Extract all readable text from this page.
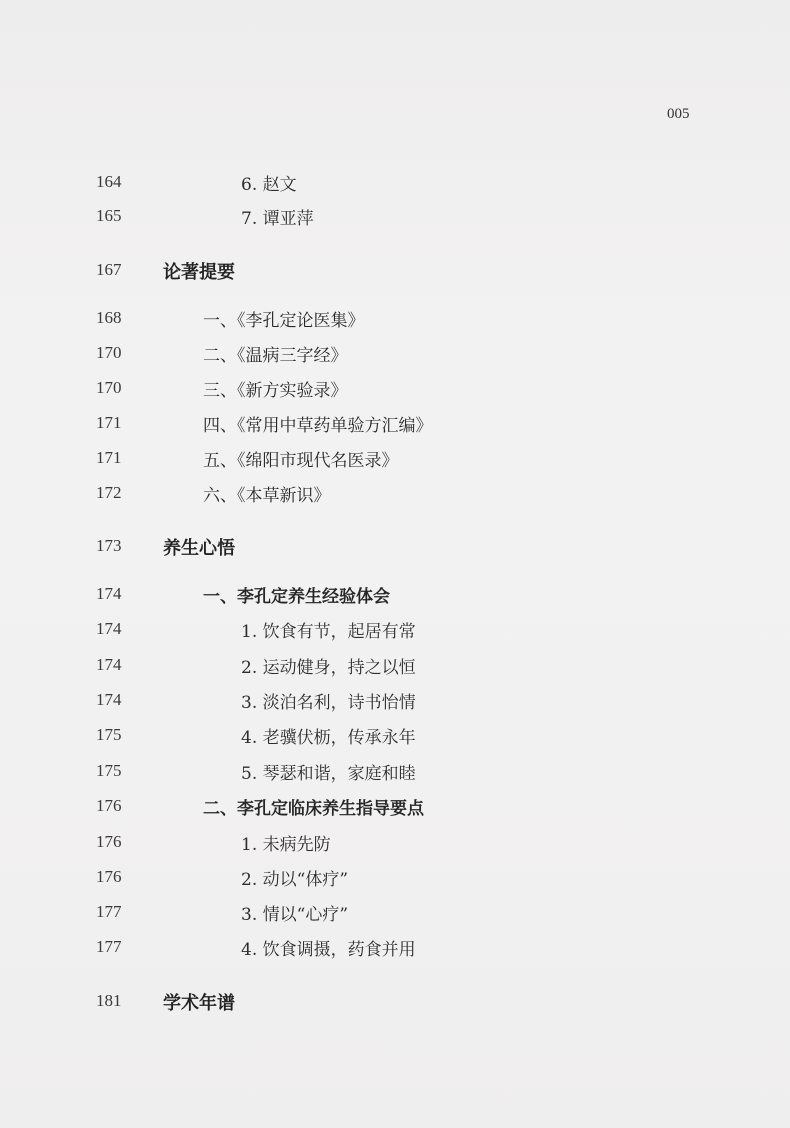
005
164	6. 赵文
165	7. 谭亚萍
167 论著提要
168	一、《李孔定论医集》
170	二、《温病三字经》
170	三、《新方实验录》
171	四、《常用中草药单验方汇编》
171	五、《绵阳市现代名医录》
172	六、《本草新识》
173 养生心悟
174	一、李孔定养生经验体会
174	1. 饮食有节，起居有常
174	2. 运动健身，持之以恒
174	3. 淡泊名利，诗书怡情
175	4. 老骥伏枥，传承永年
175	5. 琴瑟和谐，家庭和睦
176	二、李孔定临床养生指导要点
176	1. 未病先防
176	2. 动以“体疗”
177	3. 情以“心疗”
177	4. 饮食调摄，药食并用
181 学术年谱
